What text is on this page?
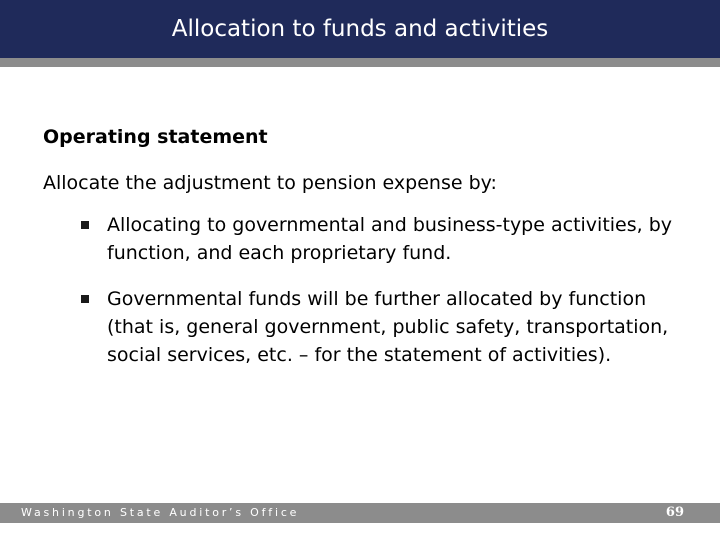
Allocation to funds and activities
Operating statement
Allocate the adjustment to pension expense by:
Allocating to governmental and business-type activities, by function, and each proprietary fund.
Governmental funds will be further allocated by function (that is, general government, public safety, transportation, social services, etc. – for the statement of activities).
Washington State Auditor’s Office	69
